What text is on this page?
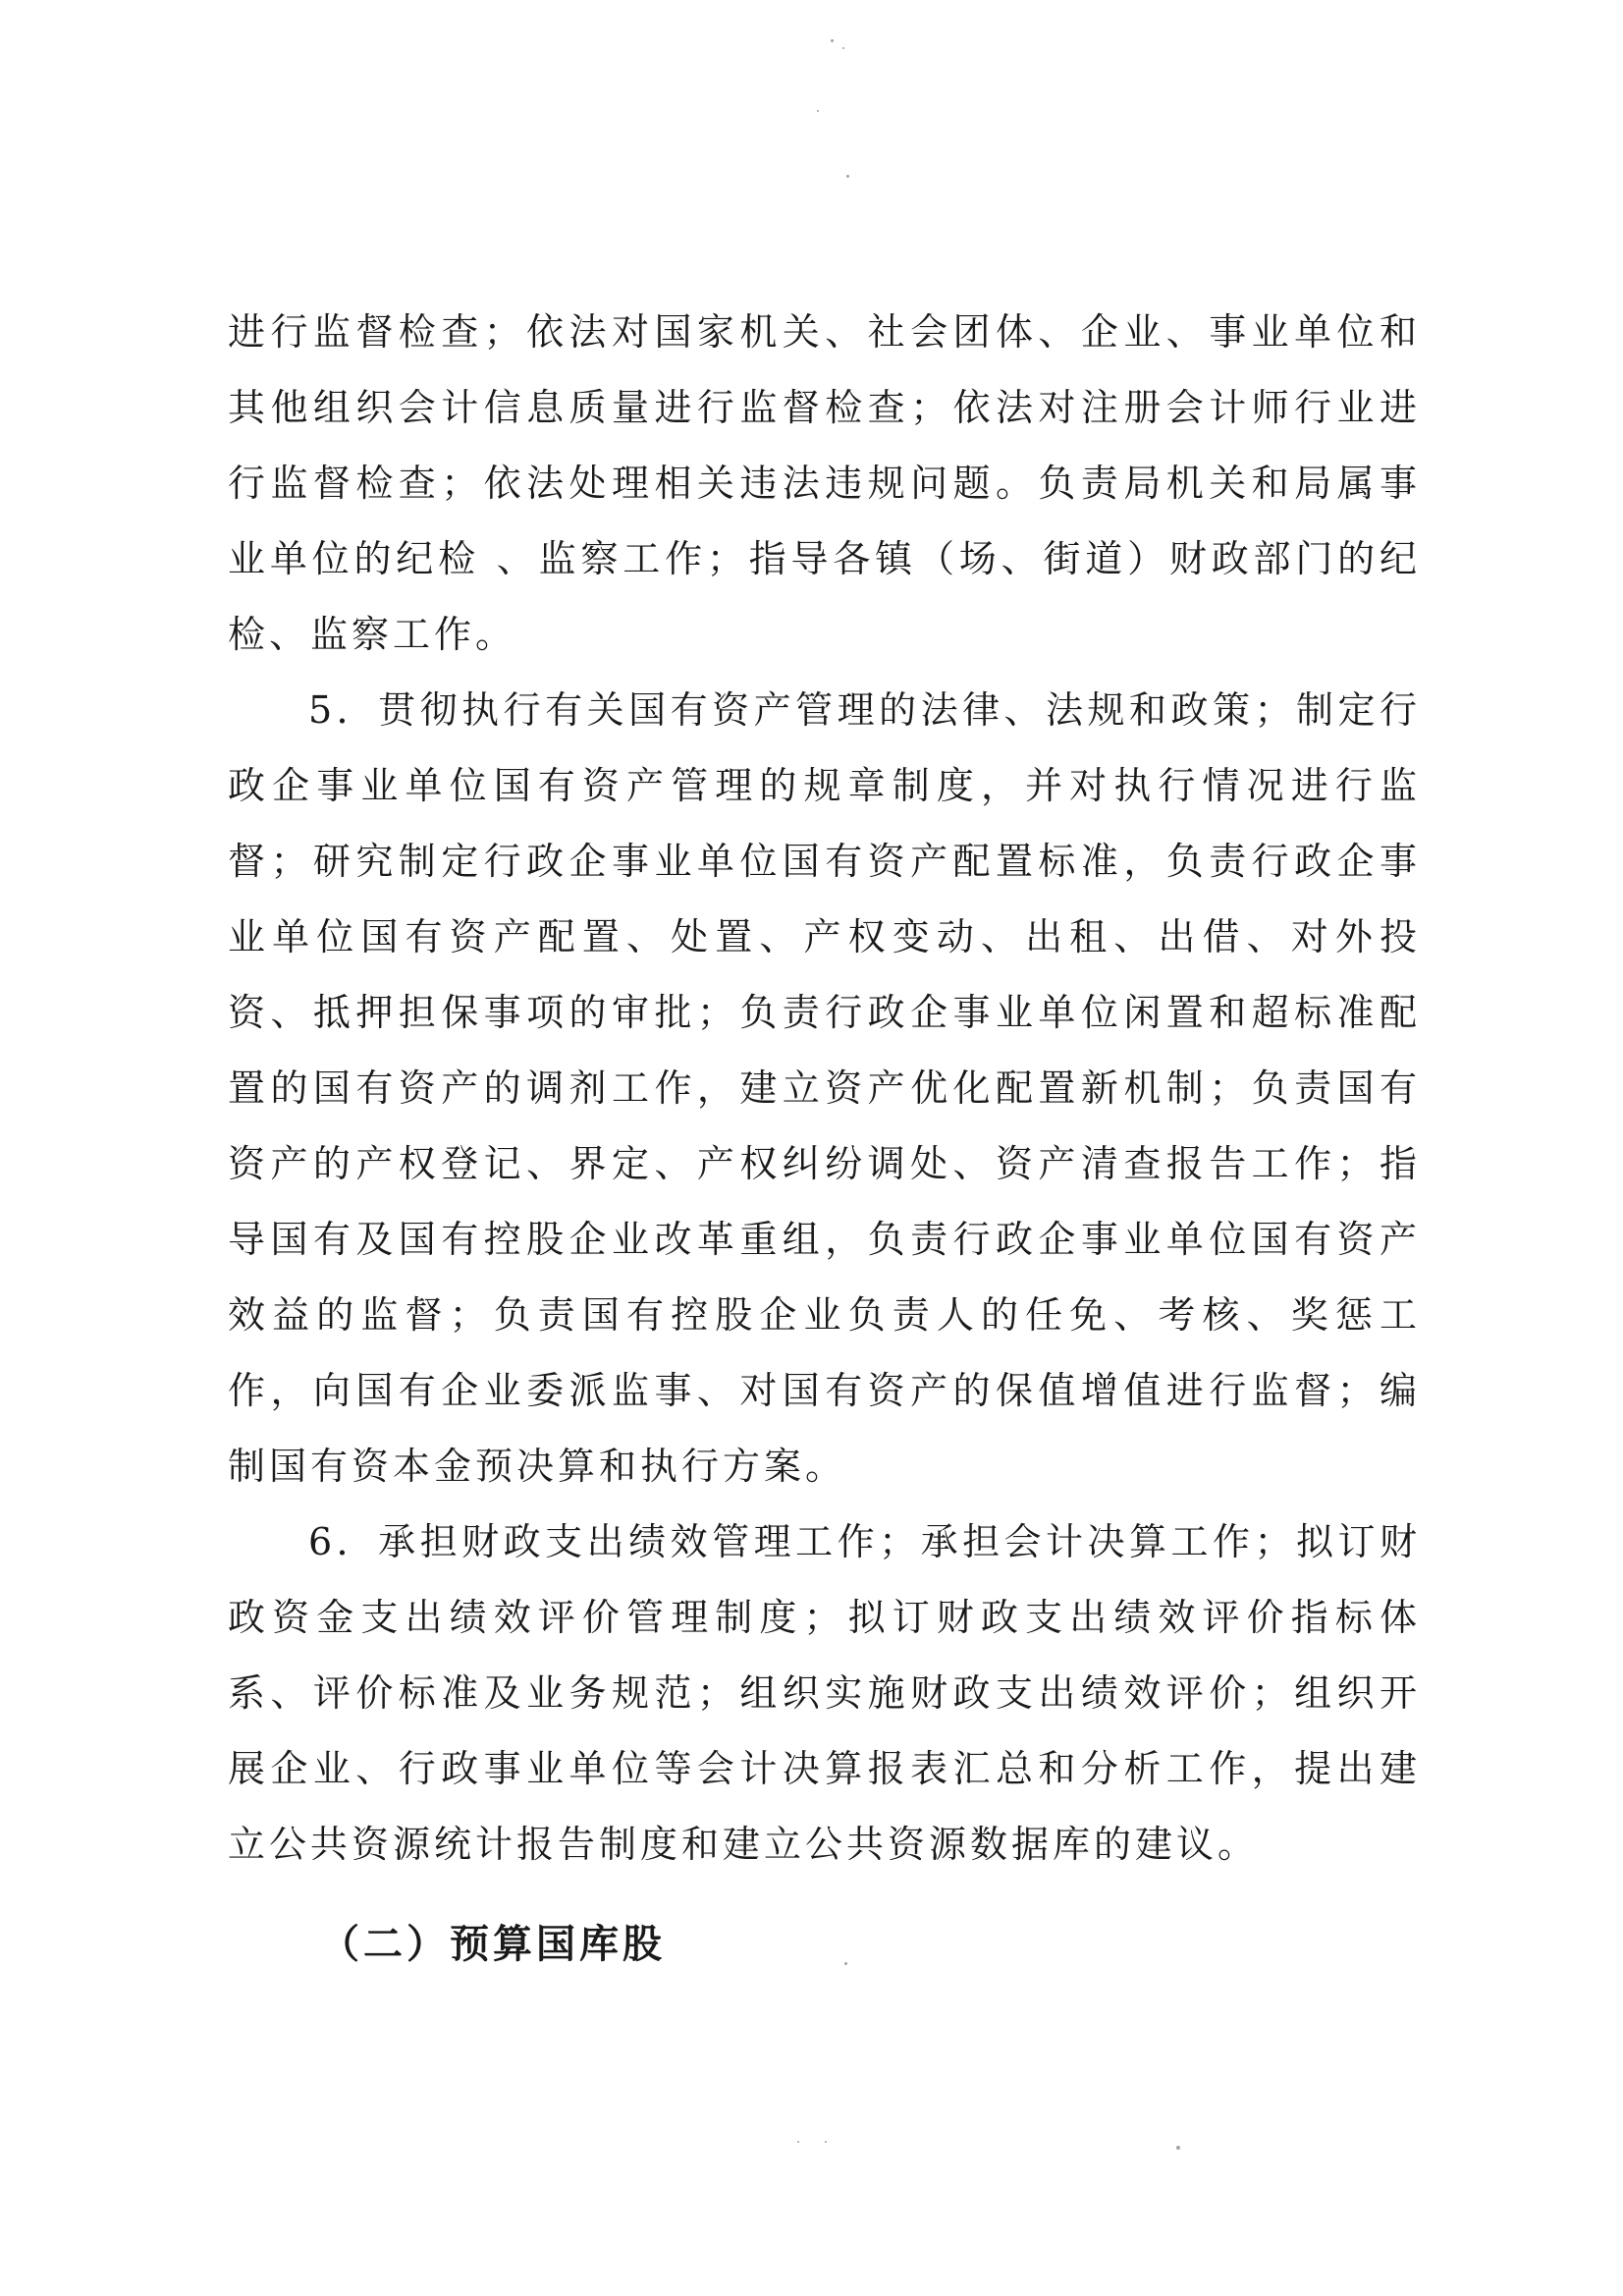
进行监督检查；依法对国家机关、社会团体、企业、事业单位和其他组织会计信息质量进行监督检查；依法对注册会计师行业进行监督检查；依法处理相关违法违规问题。负责局机关和局属事业单位的纪检 、监察工作；指导各镇（场、街道）财政部门的纪检、监察工作。

5．贯彻执行有关国有资产管理的法律、法规和政策；制定行政企事业单位国有资产管理的规章制度，并对执行情况进行监督；研究制定行政企事业单位国有资产配置标准，负责行政企事业单位国有资产配置、处置、产权变动、出租、出借、对外投资、抵押担保事项的审批；负责行政企事业单位闲置和超标准配置的国有资产的调剂工作，建立资产优化配置新机制；负责国有资产的产权登记、界定、产权纠纷调处、资产清查报告工作；指导国有及国有控股企业改革重组，负责行政企事业单位国有资产效益的监督；负责国有控股企业负责人的任免、考核、奖惩工作，向国有企业委派监事、对国有资产的保值增值进行监督；编制国有资本金预决算和执行方案。

6．承担财政支出绩效管理工作；承担会计决算工作；拟订财政资金支出绩效评价管理制度；拟订财政支出绩效评价指标体系、评价标准及业务规范；组织实施财政支出绩效评价；组织开展企业、行政事业单位等会计决算报表汇总和分析工作，提出建立公共资源统计报告制度和建立公共资源数据库的建议。

（二）预算国库股
